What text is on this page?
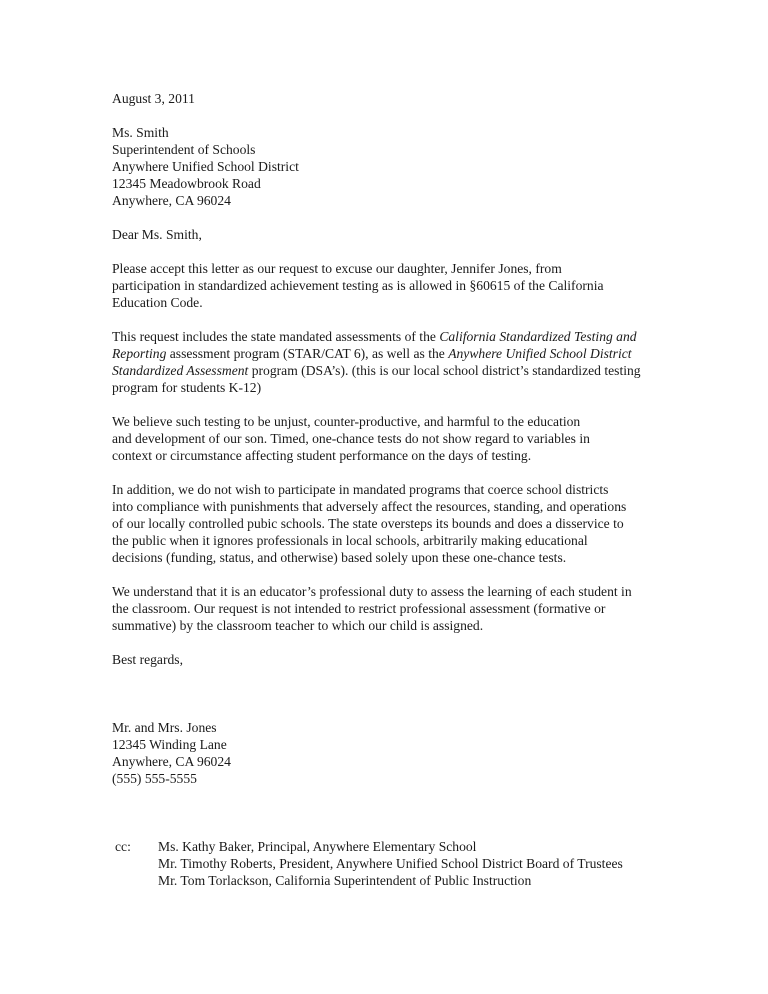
August 3, 2011
Ms. Smith
Superintendent of Schools
Anywhere Unified School District
12345 Meadowbrook Road
Anywhere, CA 96024
Dear Ms. Smith,
Please accept this letter as our request to excuse our daughter, Jennifer Jones, from
participation in standardized achievement testing as is allowed in §60615 of the California
Education Code.
This request includes the state mandated assessments of the California Standardized Testing and
Reporting assessment program (STAR/CAT 6), as well as the Anywhere Unified School District
Standardized Assessment program (DSA’s). (this is our local school district’s standardized testing
program for students K-12)
We believe such testing to be unjust, counter-productive, and harmful to the education
and development of our son. Timed, one-chance tests do not show regard to variables in
context or circumstance affecting student performance on the days of testing.
In addition, we do not wish to participate in mandated programs that coerce school districts
into compliance with punishments that adversely affect the resources, standing, and operations
of our locally controlled pubic schools. The state oversteps its bounds and does a disservice to
the public when it ignores professionals in local schools, arbitrarily making educational
decisions (funding, status, and otherwise) based solely upon these one-chance tests.
We understand that it is an educator’s professional duty to assess the learning of each student in
the classroom. Our request is not intended to restrict professional assessment (formative or
summative) by the classroom teacher to which our child is assigned.
Best regards,
Mr. and Mrs. Jones
12345 Winding Lane
Anywhere, CA 96024
(555) 555-5555
cc: Ms. Kathy Baker, Principal, Anywhere Elementary School
Mr. Timothy Roberts, President, Anywhere Unified School District Board of Trustees
Mr. Tom Torlackson, California Superintendent of Public Instruction
